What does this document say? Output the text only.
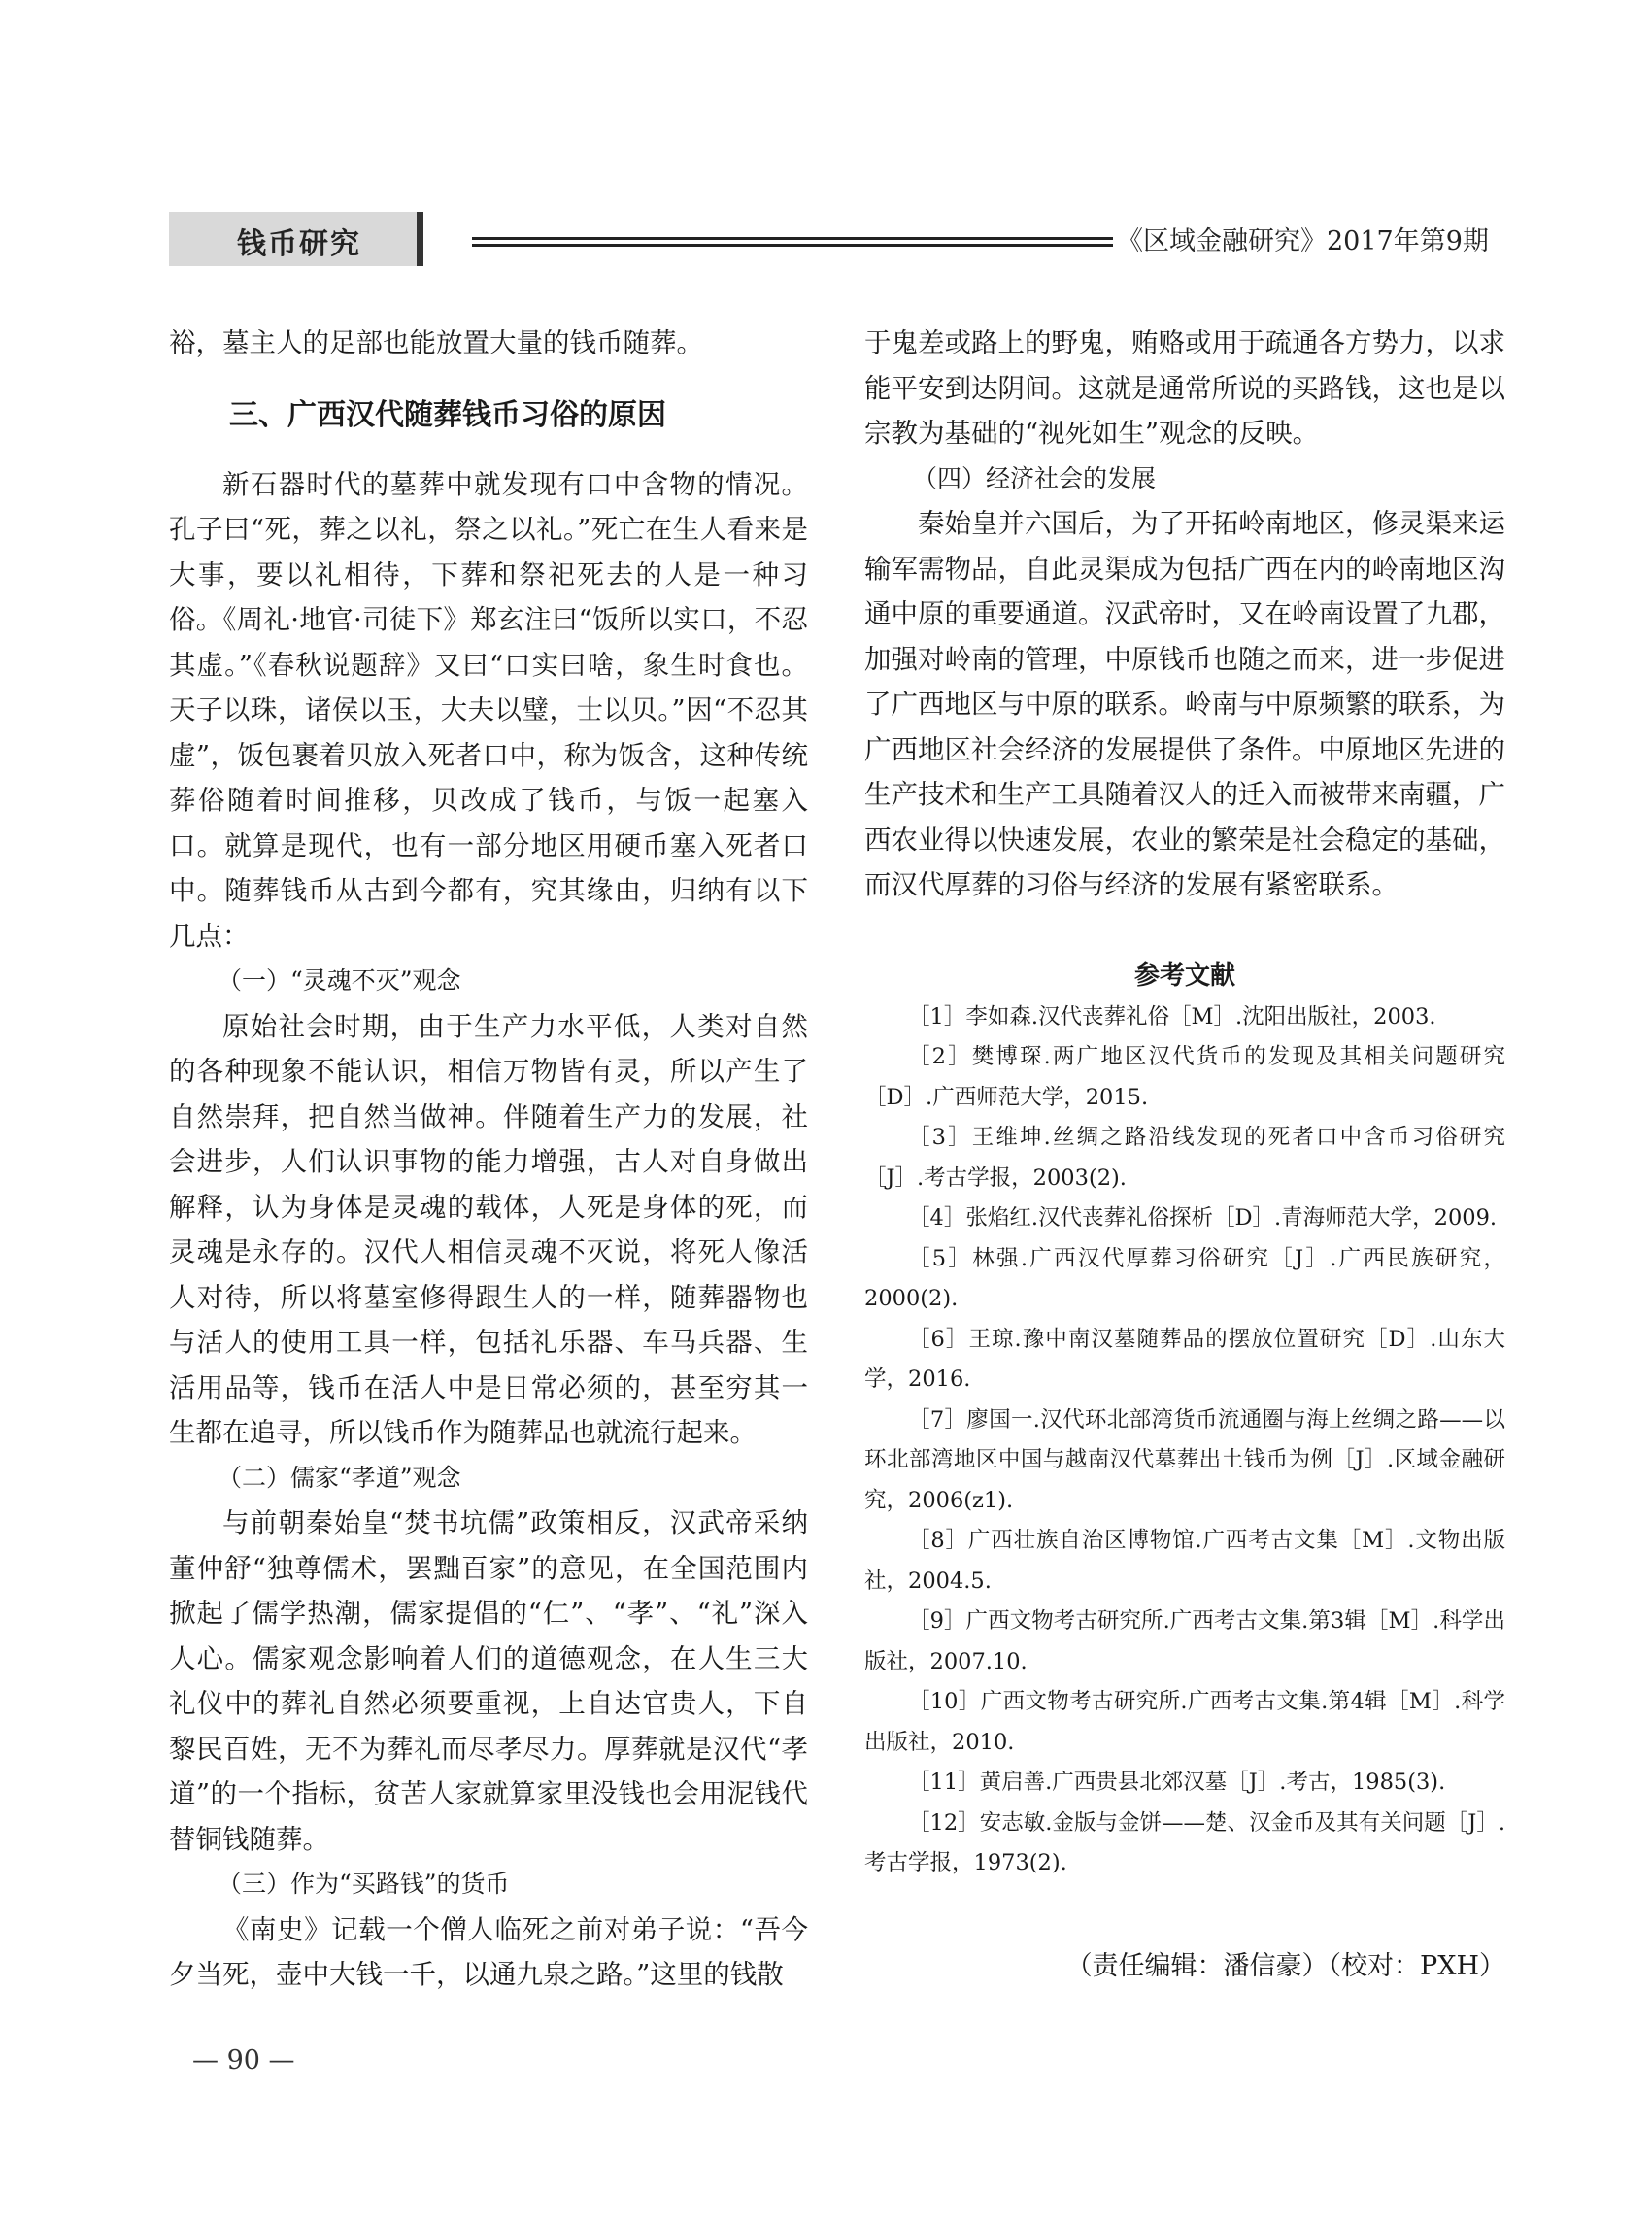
钱币研究	《区域金融研究》2017年第9期

裕，墓主人的足部也能放置大量的钱币随葬。

三、广西汉代随葬钱币习俗的原因

新石器时代的墓葬中就发现有口中含物的情况。孔子曰“死，葬之以礼，祭之以礼。”死亡在生人看来是大事，要以礼相待，下葬和祭祀死去的人是一种习俗。《周礼·地官·司徒下》郑玄注曰“饭所以实口，不忍其虚。”《春秋说题辞》又曰“口实曰啥，象生时食也。天子以珠，诸侯以玉，大夫以璧，士以贝。”因“不忍其虚”，饭包裹着贝放入死者口中，称为饭含，这种传统葬俗随着时间推移，贝改成了钱币，与饭一起塞入口。就算是现代，也有一部分地区用硬币塞入死者口中。随葬钱币从古到今都有，究其缘由，归纳有以下几点：

（一）“灵魂不灭”观念

原始社会时期，由于生产力水平低，人类对自然的各种现象不能认识，相信万物皆有灵，所以产生了自然崇拜，把自然当做神。伴随着生产力的发展，社会进步，人们认识事物的能力增强，古人对自身做出解释，认为身体是灵魂的载体，人死是身体的死，而灵魂是永存的。汉代人相信灵魂不灭说，将死人像活人对待，所以将墓室修得跟生人的一样，随葬器物也与活人的使用工具一样，包括礼乐器、车马兵器、生活用品等，钱币在活人中是日常必须的，甚至穷其一生都在追寻，所以钱币作为随葬品也就流行起来。

（二）儒家“孝道”观念

与前朝秦始皇“焚书坑儒”政策相反，汉武帝采纳董仲舒“独尊儒术，罢黜百家”的意见，在全国范围内掀起了儒学热潮，儒家提倡的“仁”、“孝”、“礼”深入人心。儒家观念影响着人们的道德观念，在人生三大礼仪中的葬礼自然必须要重视，上自达官贵人，下自黎民百姓，无不为葬礼而尽孝尽力。厚葬就是汉代“孝道”的一个指标，贫苦人家就算家里没钱也会用泥钱代替铜钱随葬。

（三）作为“买路钱”的货币

《南史》记载一个僧人临死之前对弟子说：“吾今夕当死，壶中大钱一千，以通九泉之路。”这里的钱散

于鬼差或路上的野鬼，贿赂或用于疏通各方势力，以求能平安到达阴间。这就是通常所说的买路钱，这也是以宗教为基础的“视死如生”观念的反映。

（四）经济社会的发展

秦始皇并六国后，为了开拓岭南地区，修灵渠来运输军需物品，自此灵渠成为包括广西在内的岭南地区沟通中原的重要通道。汉武帝时，又在岭南设置了九郡，加强对岭南的管理，中原钱币也随之而来，进一步促进了广西地区与中原的联系。岭南与中原频繁的联系，为广西地区社会经济的发展提供了条件。中原地区先进的生产技术和生产工具随着汉人的迁入而被带来南疆，广西农业得以快速发展，农业的繁荣是社会稳定的基础，而汉代厚葬的习俗与经济的发展有紧密联系。

参考文献

［1］李如森.汉代丧葬礼俗［M］.沈阳出版社，2003.

［2］樊博琛.两广地区汉代货币的发现及其相关问题研究［D］.广西师范大学，2015.

［3］王维坤.丝绸之路沿线发现的死者口中含币习俗研究［J］.考古学报，2003(2).

［4］张焰红.汉代丧葬礼俗探析［D］.青海师范大学，2009.

［5］林强.广西汉代厚葬习俗研究［J］.广西民族研究，2000(2).

［6］王琼.豫中南汉墓随葬品的摆放位置研究［D］.山东大学，2016.

［7］廖国一.汉代环北部湾货币流通圈与海上丝绸之路——以环北部湾地区中国与越南汉代墓葬出土钱币为例［J］.区域金融研究，2006(z1).

［8］广西壮族自治区博物馆.广西考古文集［M］.文物出版社，2004.5.

［9］广西文物考古研究所.广西考古文集.第3辑［M］.科学出版社，2007.10.

［10］广西文物考古研究所.广西考古文集.第4辑［M］.科学出版社，2010.

［11］黄启善.广西贵县北郊汉墓［J］.考古，1985(3).

［12］安志敏.金版与金饼——楚、汉金币及其有关问题［J］.考古学报，1973(2).

（责任编辑：潘信豪）（校对：PXH）
— 90 —
